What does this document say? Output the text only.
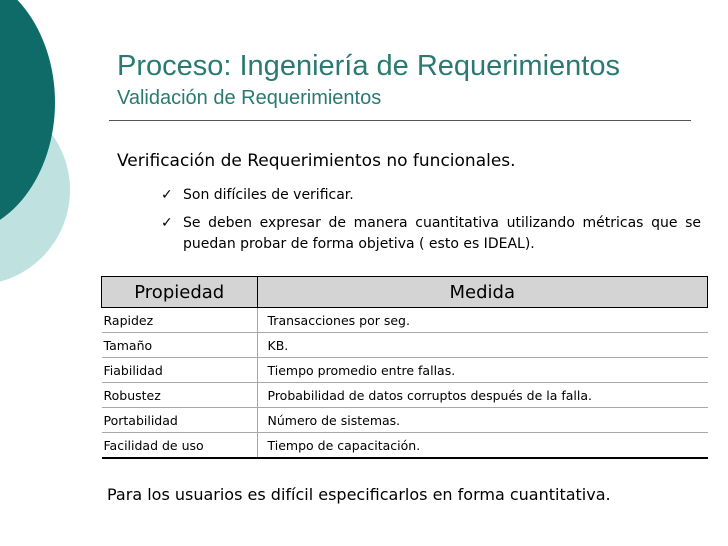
Proceso: Ingeniería de Requerimientos
Validación de Requerimientos
Verificación de Requerimientos no funcionales.
✓ Son difíciles de verificar.
✓ Se deben expresar de manera cuantitativa utilizando métricas que se puedan probar de forma objetiva ( esto es IDEAL).
Propiedad	Medida
Rapidez	Transacciones por seg.
Tamaño	KB.
Fiabilidad	Tiempo promedio entre fallas.
Robustez	Probabilidad de datos corruptos después de la falla.
Portabilidad	Número de sistemas.
Facilidad de uso	Tiempo de capacitación.
Para los usuarios es difícil especificarlos en forma cuantitativa.
